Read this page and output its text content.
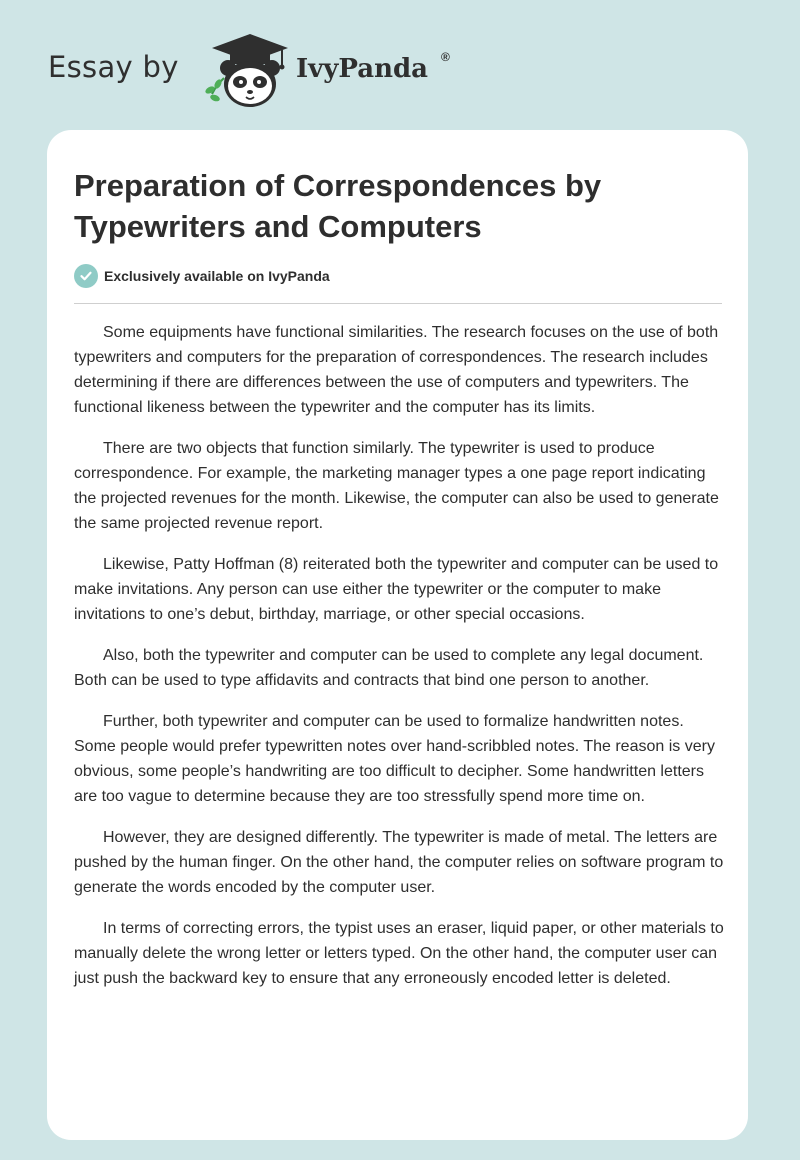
Essay by	IvyPanda ®
Preparation of Correspondences by Typewriters and Computers
Exclusively available on IvyPanda

Some equipments have functional similarities. The research focuses on the use of both typewriters and computers for the preparation of correspondences. The research includes determining if there are differences between the use of computers and typewriters. The functional likeness between the typewriter and the computer has its limits.

There are two objects that function similarly. The typewriter is used to produce correspondence. For example, the marketing manager types a one page report indicating the projected revenues for the month. Likewise, the computer can also be used to generate the same projected revenue report.

Likewise, Patty Hoffman (8) reiterated both the typewriter and computer can be used to make invitations. Any person can use either the typewriter or the computer to make invitations to one’s debut, birthday, marriage, or other special occasions.

Also, both the typewriter and computer can be used to complete any legal document. Both can be used to type affidavits and contracts that bind one person to another.

Further, both typewriter and computer can be used to formalize handwritten notes. Some people would prefer typewritten notes over hand-scribbled notes. The reason is very obvious, some people’s handwriting are too difficult to decipher. Some handwritten letters are too vague to determine because they are too stressfully spend more time on.

However, they are designed differently. The typewriter is made of metal. The letters are pushed by the human finger. On the other hand, the computer relies on software program to generate the words encoded by the computer user.

In terms of correcting errors, the typist uses an eraser, liquid paper, or other materials to manually delete the wrong letter or letters typed. On the other hand, the computer user can just push the backward key to ensure that any erroneously encoded letter is deleted.
